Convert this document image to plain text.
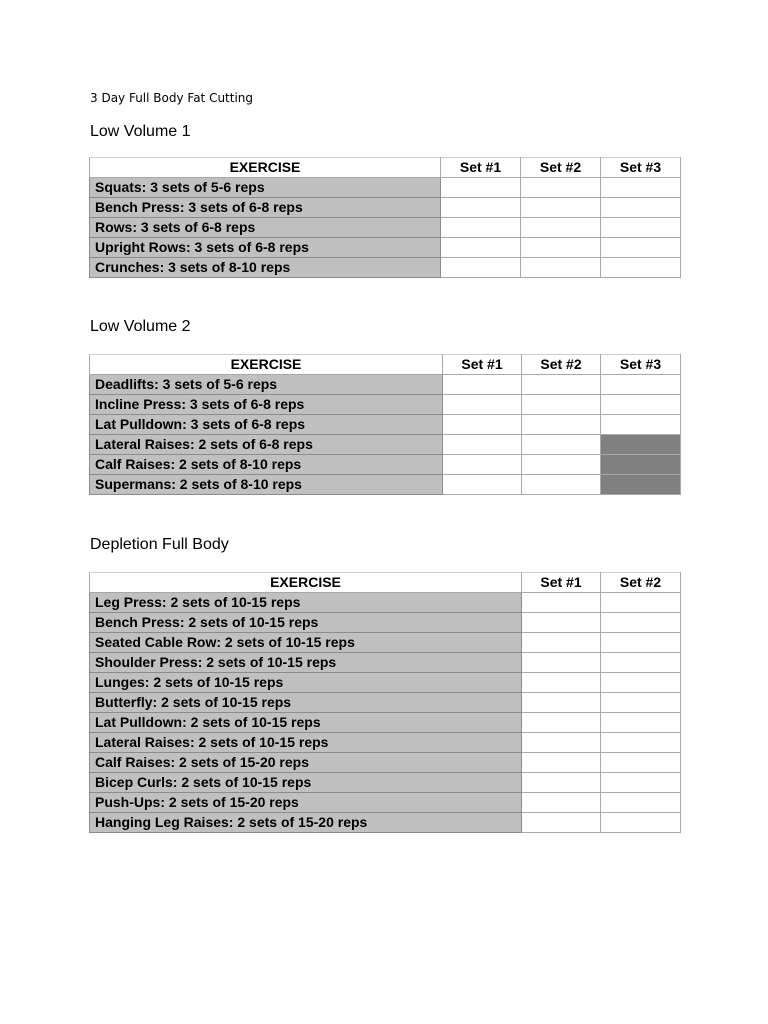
3 Day Full Body Fat Cutting
Low Volume 1
EXERCISE	Set #1	Set #2	Set #3
Squats: 3 sets of 5-6 reps			
Bench Press: 3 sets of 6-8 reps			
Rows: 3 sets of 6-8 reps			
Upright Rows: 3 sets of 6-8 reps			
Crunches: 3 sets of 8-10 reps			
Low Volume 2
EXERCISE	Set #1	Set #2	Set #3
Deadlifts: 3 sets of 5-6 reps			
Incline Press: 3 sets of 6-8 reps			
Lat Pulldown: 3 sets of 6-8 reps			
Lateral Raises: 2 sets of 6-8 reps			
Calf Raises: 2 sets of 8-10 reps			
Supermans: 2 sets of 8-10 reps			
Depletion Full Body
EXERCISE	Set #1	Set #2
Leg Press: 2 sets of 10-15 reps		
Bench Press: 2 sets of 10-15 reps		
Seated Cable Row: 2 sets of 10-15 reps		
Shoulder Press: 2 sets of 10-15 reps		
Lunges: 2 sets of 10-15 reps		
Butterfly: 2 sets of 10-15 reps		
Lat Pulldown: 2 sets of 10-15 reps		
Lateral Raises: 2 sets of 10-15 reps		
Calf Raises: 2 sets of 15-20 reps		
Bicep Curls: 2 sets of 10-15 reps		
Push-Ups: 2 sets of 15-20 reps		
Hanging Leg Raises: 2 sets of 15-20 reps		
